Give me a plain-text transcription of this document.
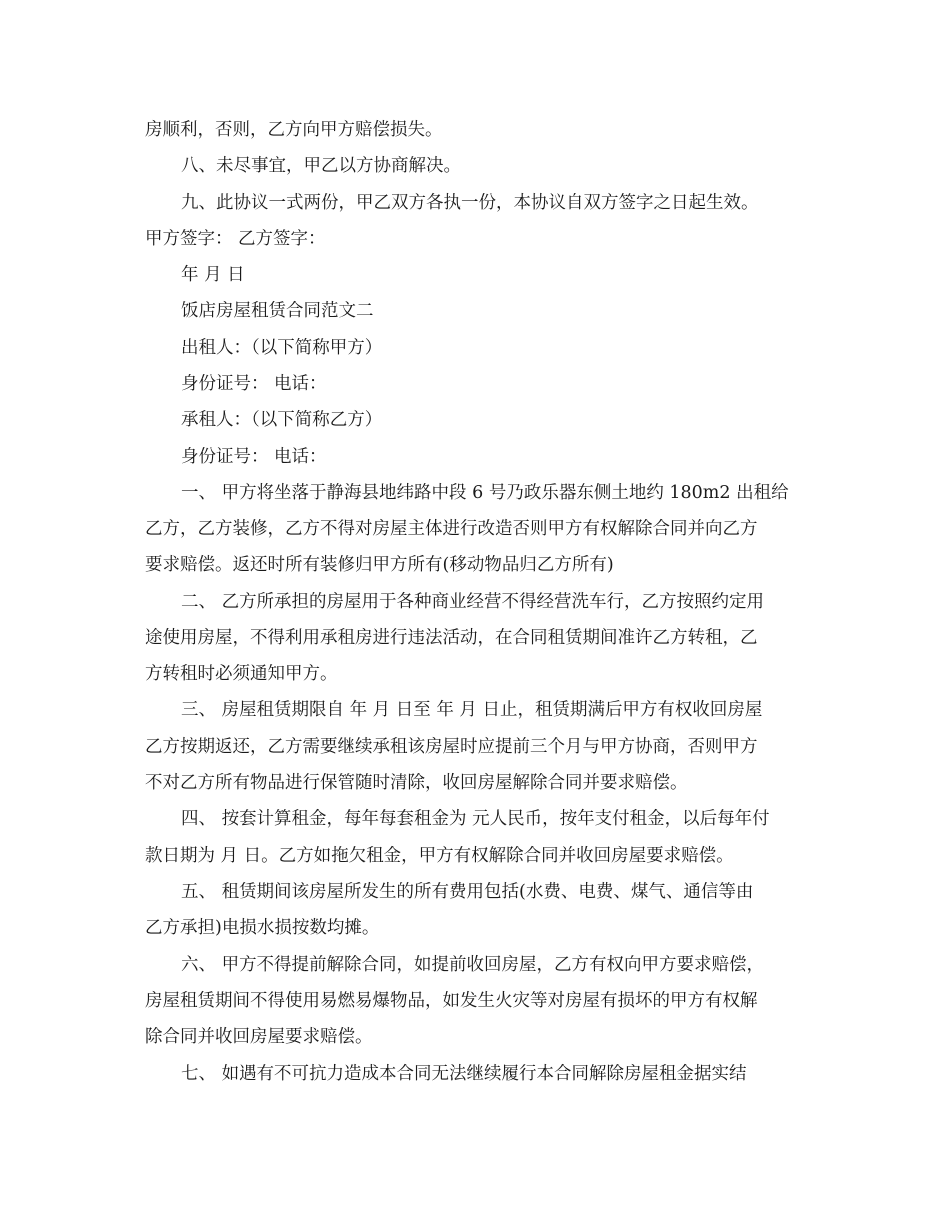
房顺利，否则，乙方向甲方赔偿损失。
八、未尽事宜，甲乙以方协商解决。
九、此协议一式两份，甲乙双方各执一份，本协议自双方签字之日起生效。
甲方签字： 乙方签字：
年 月 日
饭店房屋租赁合同范文二
出租人：（以下简称甲方）
身份证号： 电话：
承租人：（以下简称乙方）
身份证号： 电话：
一、 甲方将坐落于静海县地纬路中段 6 号乃政乐器东侧土地约 180m2 出租给
乙方，乙方装修，乙方不得对房屋主体进行改造否则甲方有权解除合同并向乙方
要求赔偿。返还时所有装修归甲方所有(移动物品归乙方所有)
二、 乙方所承担的房屋用于各种商业经营不得经营洗车行，乙方按照约定用
途使用房屋，不得利用承租房进行违法活动，在合同租赁期间准许乙方转租，乙
方转租时必须通知甲方。
三、 房屋租赁期限自 年 月 日至 年 月 日止，租赁期满后甲方有权收回房屋
乙方按期返还，乙方需要继续承租该房屋时应提前三个月与甲方协商，否则甲方
不对乙方所有物品进行保管随时清除，收回房屋解除合同并要求赔偿。
四、 按套计算租金，每年每套租金为 元人民币，按年支付租金，以后每年付
款日期为 月 日。乙方如拖欠租金，甲方有权解除合同并收回房屋要求赔偿。
五、 租赁期间该房屋所发生的所有费用包括(水费、电费、煤气、通信等由
乙方承担)电损水损按数均摊。
六、 甲方不得提前解除合同，如提前收回房屋，乙方有权向甲方要求赔偿，
房屋租赁期间不得使用易燃易爆物品，如发生火灾等对房屋有损坏的甲方有权解
除合同并收回房屋要求赔偿。
七、 如遇有不可抗力造成本合同无法继续履行本合同解除房屋租金据实结
